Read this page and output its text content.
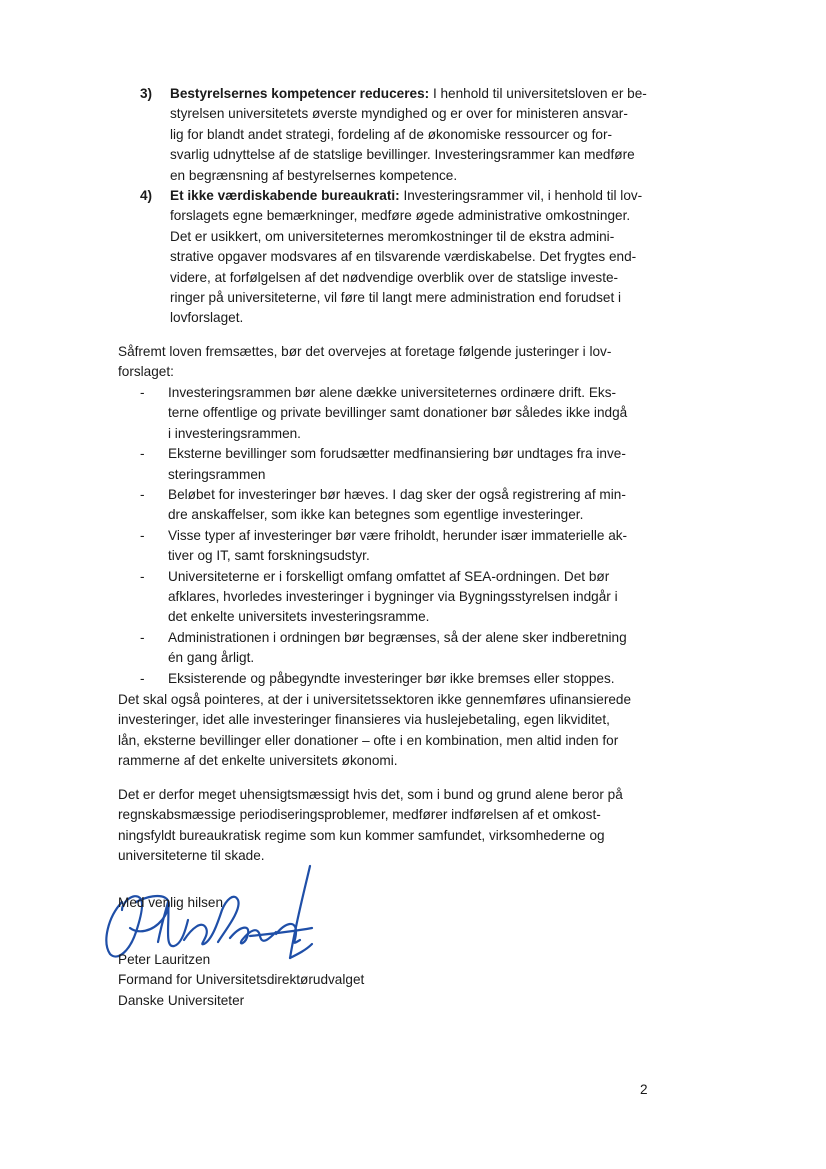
3)	Bestyrelsernes kompetencer reduceres: I henhold til universitetsloven er be-
styrelsen universitetets øverste myndighed og er over for ministeren ansvar-
lig for blandt andet strategi, fordeling af de økonomiske ressourcer og for-
svarlig udnyttelse af de statslige bevillinger. Investeringsrammer kan medføre
en begrænsning af bestyrelsernes kompetence.
4)	Et ikke værdiskabende bureaukrati: Investeringsrammer vil, i henhold til lov-
forslagets egne bemærkninger, medføre øgede administrative omkostninger.
Det er usikkert, om universiteternes meromkostninger til de ekstra admini-
strative opgaver modsvares af en tilsvarende værdiskabelse. Det frygtes end-
videre, at forfølgelsen af det nødvendige overblik over de statslige investe-
ringer på universiteterne, vil føre til langt mere administration end forudset i
lovforslaget.
Såfremt loven fremsættes, bør det overvejes at foretage følgende justeringer i lov-
forslaget:
-	Investeringsrammen bør alene dække universiteternes ordinære drift. Eks-
terne offentlige og private bevillinger samt donationer bør således ikke indgå
i investeringsrammen.
-	Eksterne bevillinger som forudsætter medfinansiering bør undtages fra inve-
steringsrammen
-	Beløbet for investeringer bør hæves. I dag sker der også registrering af min-
dre anskaffelser, som ikke kan betegnes som egentlige investeringer.
-	Visse typer af investeringer bør være friholdt, herunder især immaterielle ak-
tiver og IT, samt forskningsudstyr.
-	Universiteterne er i forskelligt omfang omfattet af SEA-ordningen. Det bør
afklares, hvorledes investeringer i bygninger via Bygningsstyrelsen indgår i
det enkelte universitets investeringsramme.
-	Administrationen i ordningen bør begrænses, så der alene sker indberetning
én gang årligt.
-	Eksisterende og påbegyndte investeringer bør ikke bremses eller stoppes.
Det skal også pointeres, at der i universitetssektoren ikke gennemføres ufinansierede
investeringer, idet alle investeringer finansieres via huslejebetaling, egen likviditet,
lån, eksterne bevillinger eller donationer – ofte i en kombination, men altid inden for
rammerne af det enkelte universitets økonomi.
Det er derfor meget uhensigtsmæssigt hvis det, som i bund og grund alene beror på
regnskabsmæssige periodiseringsproblemer, medfører indførelsen af et omkost-
ningsfyldt bureaukratisk regime som kun kommer samfundet, virksomhederne og
universiteterne til skade.
Med venlig hilsen
Peter Lauritzen
Formand for Universitetsdirektørudvalget
Danske Universiteter
2
